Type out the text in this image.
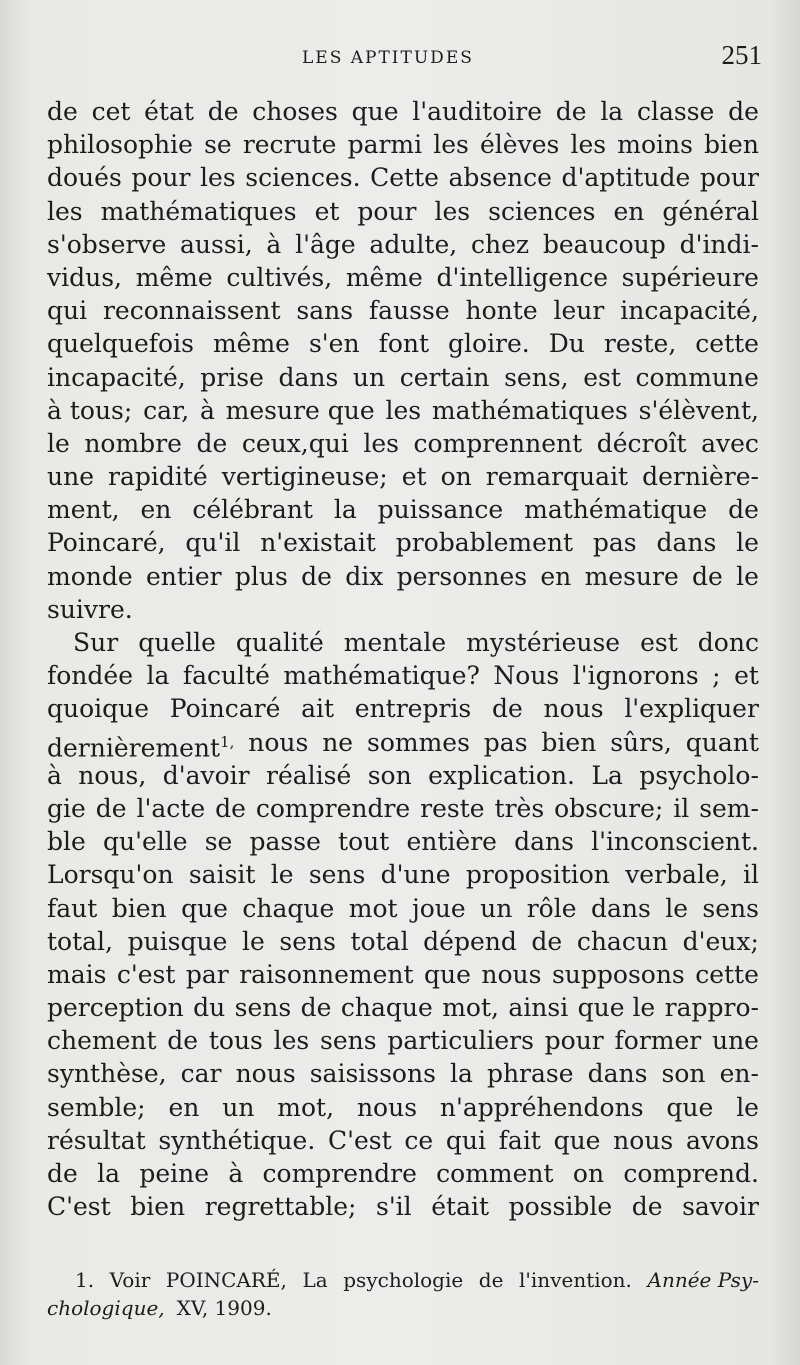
LES APTITUDES	251
de cet état de choses que l'auditoire de la classe de
philosophie se recrute parmi les élèves les moins bien
doués pour les sciences. Cette absence d'aptitude pour
les mathématiques et pour les sciences en général
s'observe aussi, à l'âge adulte, chez beaucoup d'indi-
vidus, même cultivés, même d'intelligence supérieure
qui reconnaissent sans fausse honte leur incapacité,
quelquefois même s'en font gloire. Du reste, cette
incapacité, prise dans un certain sens, est commune
à tous; car, à mesure que les mathématiques s'élèvent,
le nombre de ceux,qui les comprennent décroît avec
une rapidité vertigineuse; et on remarquait dernière-
ment, en célébrant la puissance mathématique de
Poincaré, qu'il n'existait probablement pas dans le
monde entier plus de dix personnes en mesure de le
suivre.
Sur quelle qualité mentale mystérieuse est donc
fondée la faculté mathématique? Nous l'ignorons ; et
quoique Poincaré ait entrepris de nous l'expliquer
dernièrement$^{1,}$ nous ne sommes pas bien sûrs, quant
à nous, d'avoir réalisé son explication. La psycholo-
gie de l'acte de comprendre reste très obscure; il sem-
ble qu'elle se passe tout entière dans l'inconscient.
Lorsqu'on saisit le sens d'une proposition verbale, il
faut bien que chaque mot joue un rôle dans le sens
total, puisque le sens total dépend de chacun d'eux;
mais c'est par raisonnement que nous supposons cette
perception du sens de chaque mot, ainsi que le rappro-
chement de tous les sens particuliers pour former une
synthèse, car nous saisissons la phrase dans son en-
semble; en un mot, nous n'appréhendons que le
résultat synthétique. C'est ce qui fait que nous avons
de la peine à comprendre comment on comprend.
C'est bien regrettable; s'il était possible de savoir
1. Voir POINCARÉ, La psychologie de l'invention. Année Psy-
chologique, XV, 1909.
